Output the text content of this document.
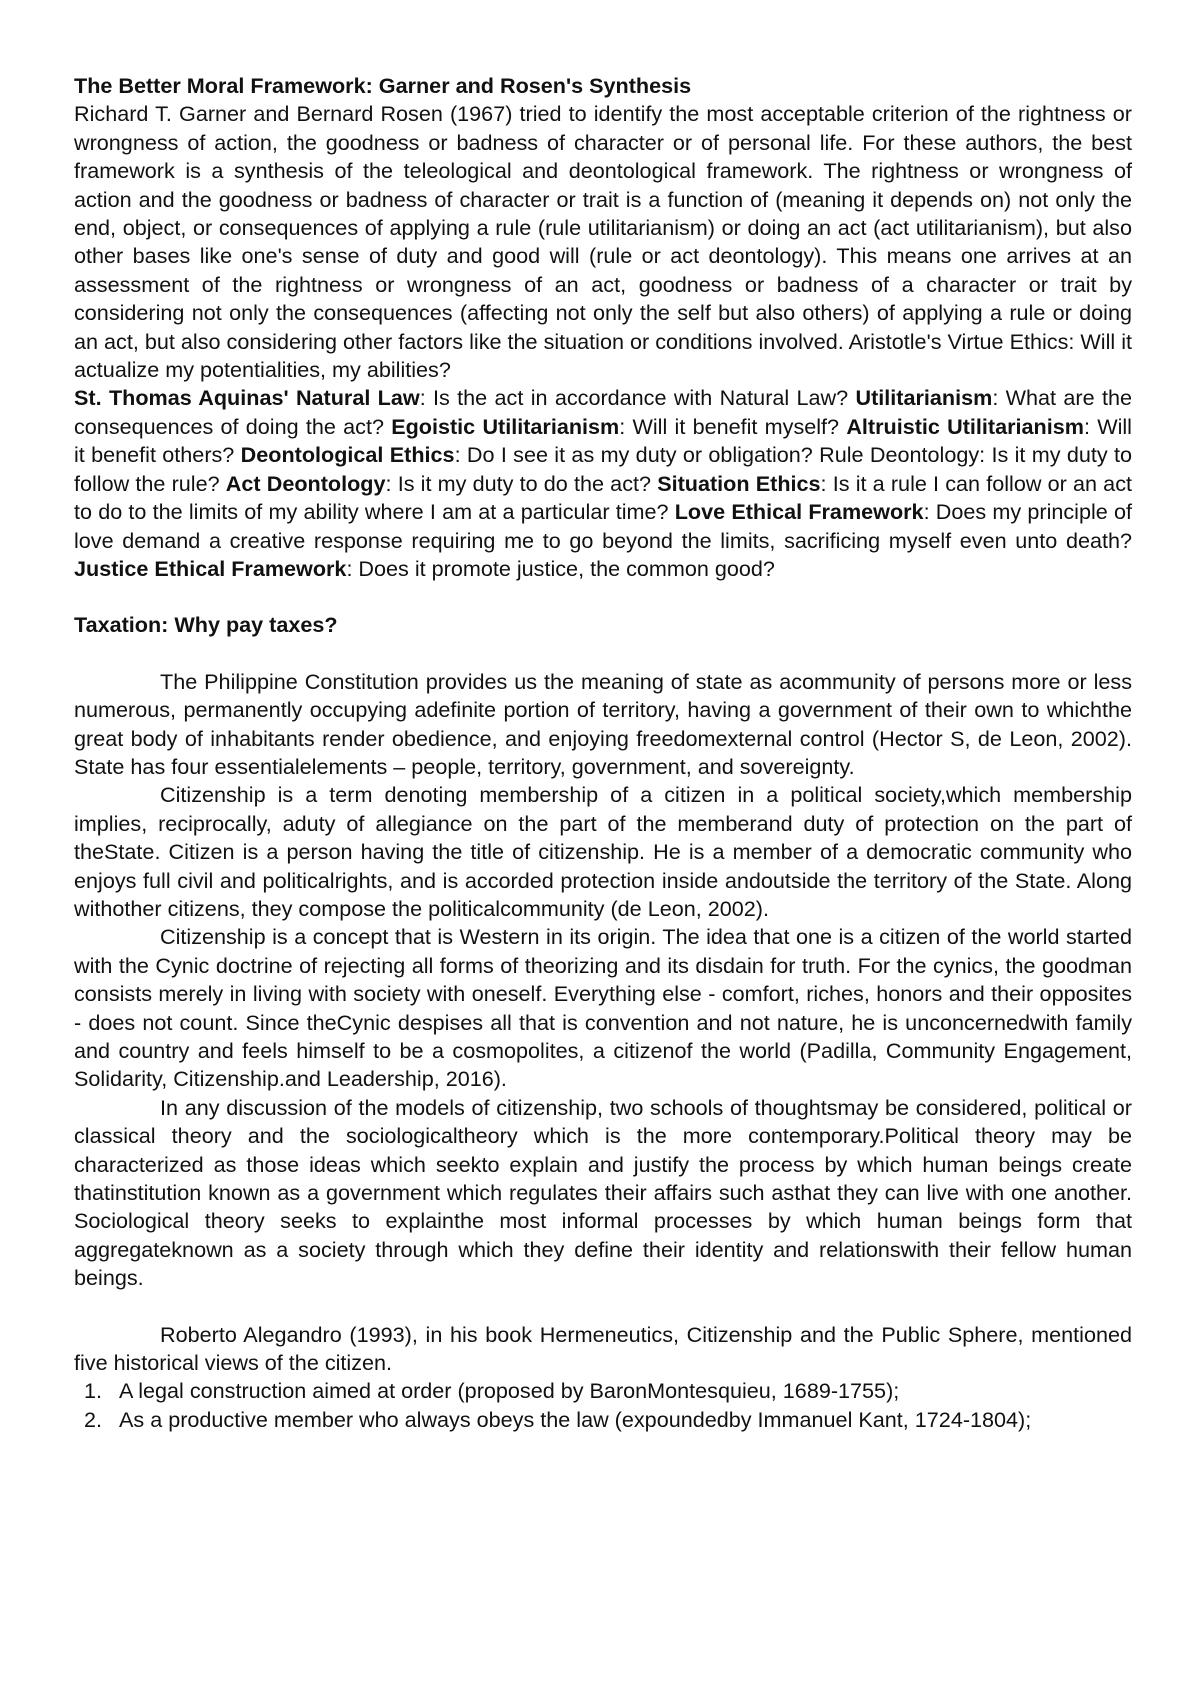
The Better Moral Framework: Garner and Rosen's Synthesis

Richard T. Garner and Bernard Rosen (1967) tried to identify the most acceptable criterion of the rightness or wrongness of action, the goodness or badness of character or of personal life. For these authors, the best framework is a synthesis of the teleological and deontological framework. The rightness or wrongness of action and the goodness or badness of character or trait is a function of (meaning it depends on) not only the end, object, or consequences of applying a rule (rule utilitarianism) or doing an act (act utilitarianism), but also other bases like one's sense of duty and good will (rule or act deontology). This means one arrives at an assessment of the rightness or wrongness of an act, goodness or badness of a character or trait by considering not only the consequences (affecting not only the self but also others) of applying a rule or doing an act, but also considering other factors like the situation or conditions involved. Aristotle's Virtue Ethics: Will it actualize my potentialities, my abilities?

St. Thomas Aquinas' Natural Law: Is the act in accordance with Natural Law? Utilitarianism: What are the consequences of doing the act? Egoistic Utilitarianism: Will it benefit myself? Altruistic Utilitarianism: Will it benefit others? Deontological Ethics: Do I see it as my duty or obligation? Rule Deontology: Is it my duty to follow the rule? Act Deontology: Is it my duty to do the act? Situation Ethics: Is it a rule I can follow or an act to do to the limits of my ability where I am at a particular time? Love Ethical Framework: Does my principle of love demand a creative response requiring me to go beyond the limits, sacrificing myself even unto death? Justice Ethical Framework: Does it promote justice, the common good?

Taxation: Why pay taxes?

The Philippine Constitution provides us the meaning of state as acommunity of persons more or less numerous, permanently occupying adefinite portion of territory, having a government of their own to whichthe great body of inhabitants render obedience, and enjoying freedomexternal control (Hector S, de Leon, 2002). State has four essentialelements – people, territory, government, and sovereignty.

Citizenship is a term denoting membership of a citizen in a political society,which membership implies, reciprocally, aduty of allegiance on the part of the memberand duty of protection on the part of theState. Citizen is a person having the title of citizenship. He is a member of a democratic community who enjoys full civil and politicalrights, and is accorded protection inside andoutside the territory of the State. Along withother citizens, they compose the politicalcommunity (de Leon, 2002).

Citizenship is a concept that is Western in its origin. The idea that one is a citizen of the world started with the Cynic doctrine of rejecting all forms of theorizing and its disdain for truth. For the cynics, the goodman consists merely in living with society with oneself. Everything else - comfort, riches, honors and their opposites - does not count. Since theCynic despises all that is convention and not nature, he is unconcernedwith family and country and feels himself to be a cosmopolites, a citizenof the world (Padilla, Community Engagement, Solidarity, Citizenship.and Leadership, 2016).

In any discussion of the models of citizenship, two schools of thoughtsmay be considered, political or classical theory and the sociologicaltheory which is the more contemporary.Political theory may be characterized as those ideas which seekto explain and justify the process by which human beings create thatinstitution known as a government which regulates their affairs such asthat they can live with one another. Sociological theory seeks to explainthe most informal processes by which human beings form that aggregateknown as a society through which they define their identity and relationswith their fellow human beings.

Roberto Alegandro (1993), in his book Hermeneutics, Citizenship and the Public Sphere, mentioned five historical views of the citizen.

1. A legal construction aimed at order (proposed by BaronMontesquieu, 1689-1755);
2. As a productive member who always obeys the law (expoundedby Immanuel Kant, 1724-1804);
